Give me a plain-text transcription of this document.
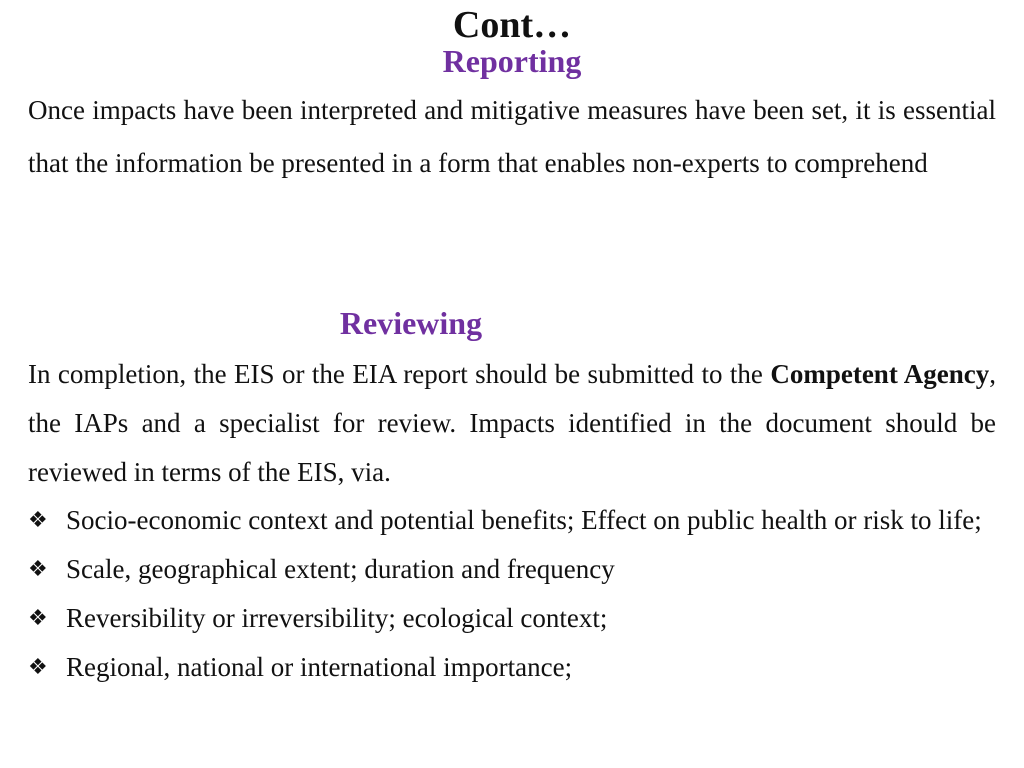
Cont…
Reporting
Once impacts have been interpreted and mitigative measures have been set, it is essential that the information be presented in a form that enables non-experts to comprehend
Reviewing
In completion, the EIS or the EIA report should be submitted to the Competent Agency, the IAPs and a specialist for review. Impacts identified in the document should be reviewed in terms of the EIS, via.
❖ Socio-economic context and potential benefits; Effect on public health or risk to life;
❖ Scale, geographical extent; duration and frequency
❖ Reversibility or irreversibility; ecological context;
❖ Regional, national or international importance;
